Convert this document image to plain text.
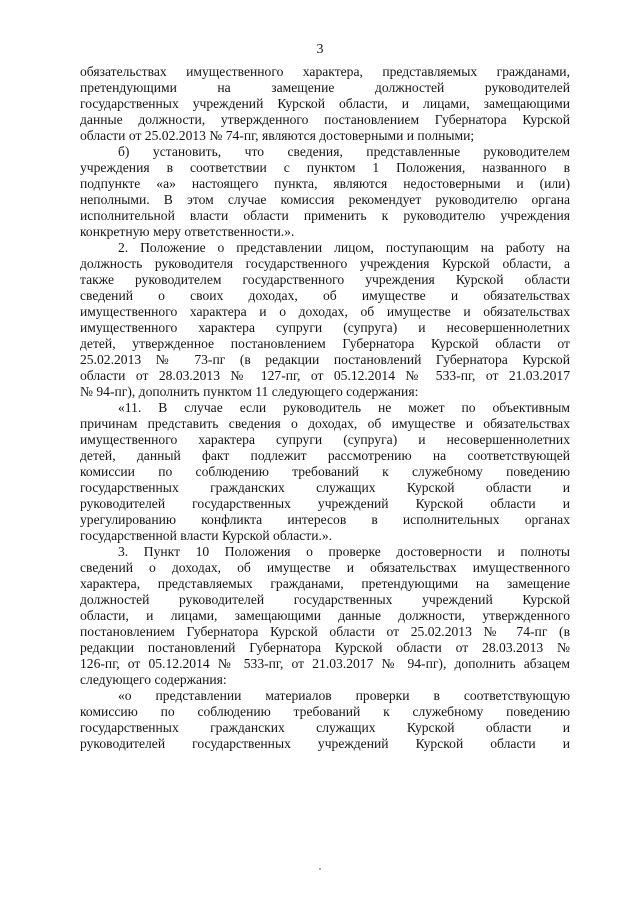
3
обязательствах имущественного характера, представляемых гражданами,
претендующими на замещение должностей руководителей
государственных учреждений Курской области, и лицами, замещающими
данные должности, утвержденного постановлением Губернатора Курской
области от 25.02.2013 № 74-пг, являются достоверными и полными;
б) установить, что сведения, представленные руководителем
учреждения в соответствии с пунктом 1 Положения, названного в
подпункте «а» настоящего пункта, являются недостоверными и (или)
неполными. В этом случае комиссия рекомендует руководителю органа
исполнительной власти области применить к руководителю учреждения
конкретную меру ответственности.».
2. Положение о представлении лицом, поступающим на работу на
должность руководителя государственного учреждения Курской области, а
также руководителем государственного учреждения Курской области
сведений о своих доходах, об имуществе и обязательствах
имущественного характера и о доходах, об имуществе и обязательствах
имущественного характера супруги (супруга) и несовершеннолетних
детей, утвержденное постановлением Губернатора Курской области от
25.02.2013 № 73-пг (в редакции постановлений Губернатора Курской
области от 28.03.2013 № 127-пг, от 05.12.2014 № 533-пг, от 21.03.2017
№ 94-пг), дополнить пунктом 11 следующего содержания:
«11. В случае если руководитель не может по объективным
причинам представить сведения о доходах, об имуществе и обязательствах
имущественного характера супруги (супруга) и несовершеннолетних
детей, данный факт подлежит рассмотрению на соответствующей
комиссии по соблюдению требований к служебному поведению
государственных гражданских служащих Курской области и
руководителей государственных учреждений Курской области и
урегулированию конфликта интересов в исполнительных органах
государственной власти Курской области.».
3. Пункт 10 Положения о проверке достоверности и полноты
сведений о доходах, об имуществе и обязательствах имущественного
характера, представляемых гражданами, претендующими на замещение
должностей руководителей государственных учреждений Курской
области, и лицами, замещающими данные должности, утвержденного
постановлением Губернатора Курской области от 25.02.2013 № 74-пг (в
редакции постановлений Губернатора Курской области от 28.03.2013 №
126-пг, от 05.12.2014 № 533-пг, от 21.03.2017 № 94-пг), дополнить абзацем
следующего содержания:
«о представлении материалов проверки в соответствующую
комиссию по соблюдению требований к служебному поведению
государственных гражданских служащих Курской области и
руководителей государственных учреждений Курской области и
